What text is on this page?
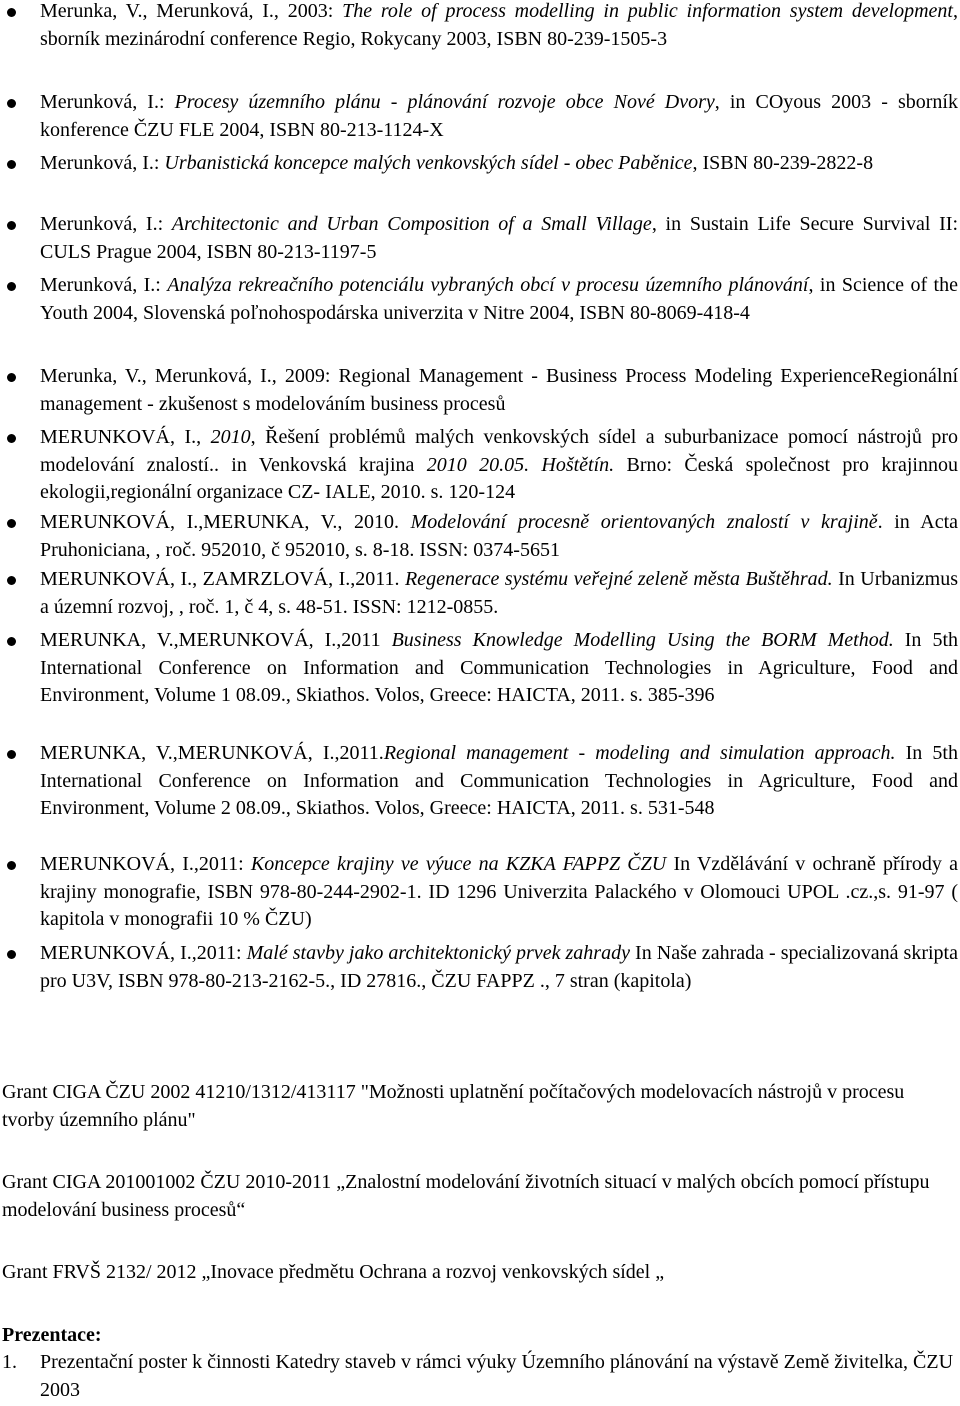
Merunka, V., Merunková, I., 2003: The role of process modelling in public information system development, sborník mezinárodní conference Regio, Rokycany 2003, ISBN 80-239-1505-3
Merunková, I.: Procesy územního plánu - plánování rozvoje obce Nové Dvory, in COyous 2003 - sborník konference ČZU FLE 2004, ISBN 80-213-1124-X
Merunková, I.: Urbanistická koncepce malých venkovských sídel - obec Paběnice, ISBN 80-239-2822-8
Merunková, I.: Architectonic and Urban Composition of a Small Village, in Sustain Life Secure Survival II: CULS Prague 2004, ISBN 80-213-1197-5
Merunková, I.: Analýza rekreačního potenciálu vybraných obcí v procesu územního plánování, in Science of the Youth 2004, Slovenská poľnohospodárska univerzita v Nitre 2004, ISBN 80-8069-418-4
Merunka, V., Merunková, I., 2009: Regional Management - Business Process Modeling ExperienceRegionální management - zkušenost s modelováním business procesů
MERUNKOVÁ, I., 2010, Řešení problémů malých venkovských sídel a suburbanizace pomocí nástrojů pro modelování znalostí.. in Venkovská krajina 2010 20.05. Hoštětín. Brno: Česká společnost pro krajinnou ekologii,regionální organizace CZ- IALE, 2010. s. 120-124
MERUNKOVÁ, I.,MERUNKA, V., 2010. Modelování procesně orientovaných znalostí v krajině. in Acta Pruhoniciana, , roč. 952010, č 952010, s. 8-18. ISSN: 0374-5651
MERUNKOVÁ, I., ZAMRZLOVÁ, I.,2011. Regenerace systému veřejné zeleně města Buštěhrad. In Urbanizmus a územní rozvoj, , roč. 1, č 4, s. 48-51. ISSN: 1212-0855.
MERUNKA, V.,MERUNKOVÁ, I.,2011 Business Knowledge Modelling Using the BORM Method. In 5th International Conference on Information and Communication Technologies in Agriculture, Food and Environment, Volume 1 08.09., Skiathos. Volos, Greece: HAICTA, 2011. s. 385-396
MERUNKA, V.,MERUNKOVÁ, I.,2011.Regional management - modeling and simulation approach. In 5th International Conference on Information and Communication Technologies in Agriculture, Food and Environment, Volume 2 08.09., Skiathos. Volos, Greece: HAICTA, 2011. s. 531-548
MERUNKOVÁ, I.,2011: Koncepce krajiny ve výuce na KZKA FAPPZ ČZU In Vzdělávání v ochraně přírody a krajiny monografie, ISBN 978-80-244-2902-1. ID 1296 Univerzita Palackého v Olomouci UPOL .cz.,s. 91-97 ( kapitola v monografii 10 % ČZU)
MERUNKOVÁ, I.,2011: Malé stavby jako architektonický prvek zahrady In Naše zahrada - specializovaná skripta pro U3V, ISBN 978-80-213-2162-5., ID 27816., ČZU FAPPZ ., 7 stran (kapitola)
Grant CIGA ČZU 2002 41210/1312/413117 "Možnosti uplatnění počítačových modelovacích nástrojů v procesu tvorby územního plánu"
Grant CIGA 201001002 ČZU 2010-2011 „Znalostní modelování životních situací v malých obcích pomocí přístupu modelování business procesů“
Grant FRVŠ 2132/ 2012 „Inovace předmětu Ochrana a rozvoj venkovských sídel „
Prezentace:
1. Prezentační poster k činnosti Katedry staveb v rámci výuky Územního plánování na výstavě Země živitelka, ČZU 2003
